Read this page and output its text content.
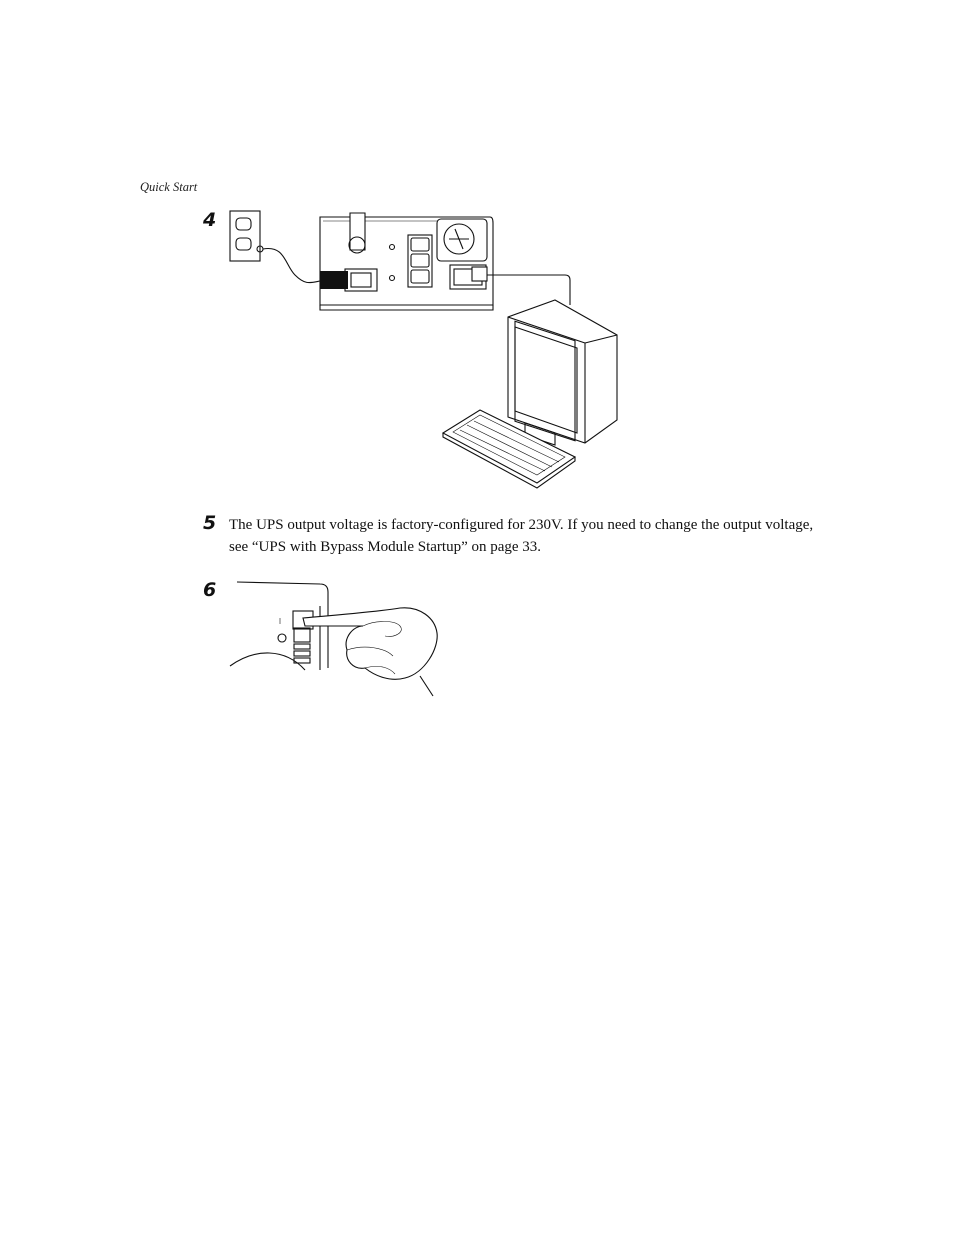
Quick Start
4
5
6
The UPS output voltage is factory-configured for 230V. If you need to change the output voltage, see “UPS with Bypass Module Startup” on page 33.
